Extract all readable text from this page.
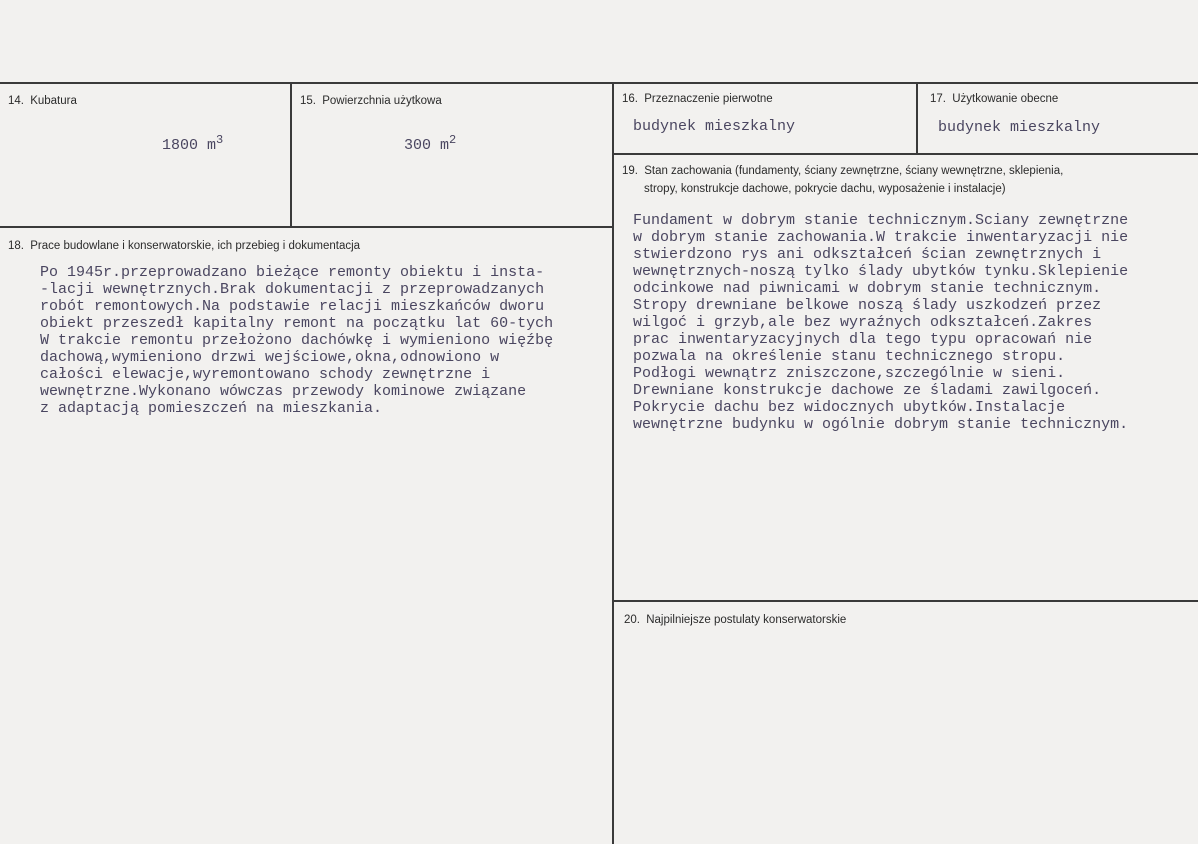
14. Kubatura

1800 $m^3$

15. Powierzchnia użytkowa

300 $m^2$

16. Przeznaczenie pierwotne
budynek mieszkalny
17. Użytkowanie obecne
budynek mieszkalny
19. Stan zachowania (fundamenty, ściany zewnętrzne, ściany wewnętrzne, sklepienia,
stropy, konstrukcje dachowe, pokrycie dachu, wyposażenie i instalacje)
Fundament w dobrym stanie technicznym.Sciany zewnętrzne
w dobrym stanie zachowania.W trakcie inwentaryzacji nie
stwierdzono rys ani odkształceń ścian zewnętrznych i
wewnętrznych-noszą tylko ślady ubytków tynku.Sklepienie
odcinkowe nad piwnicami w dobrym stanie technicznym.
Stropy drewniane belkowe noszą ślady uszkodzeń przez
wilgoć i grzyb,ale bez wyraźnych odkształceń.Zakres
prac inwentaryzacyjnych dla tego typu opracowań nie
pozwala na określenie stanu technicznego stropu.
Podłogi wewnątrz zniszczone,szczególnie w sieni.
Drewniane konstrukcje dachowe ze śladami zawilgoceń.
Pokrycie dachu bez widocznych ubytków.Instalacje
wewnętrzne budynku w ogólnie dobrym stanie technicznym.
18. Prace budowlane i konserwatorskie, ich przebieg i dokumentacja
Po 1945r.przeprowadzano bieżące remonty obiektu i insta-
-lacji wewnętrznych.Brak dokumentacji z przeprowadzanych
robót remontowych.Na podstawie relacji mieszkańców dworu
obiekt przeszedł kapitalny remont na początku lat 60-tych
W trakcie remontu przełożono dachówkę i wymieniono więźbę
dachową,wymieniono drzwi wejściowe,okna,odnowiono w
całości elewacje,wyremontowano schody zewnętrzne i
wewnętrzne.Wykonano wówczas przewody kominowe związane
z adaptacją pomieszczeń na mieszkania.
20. Najpilniejsze postulaty konserwatorskie
